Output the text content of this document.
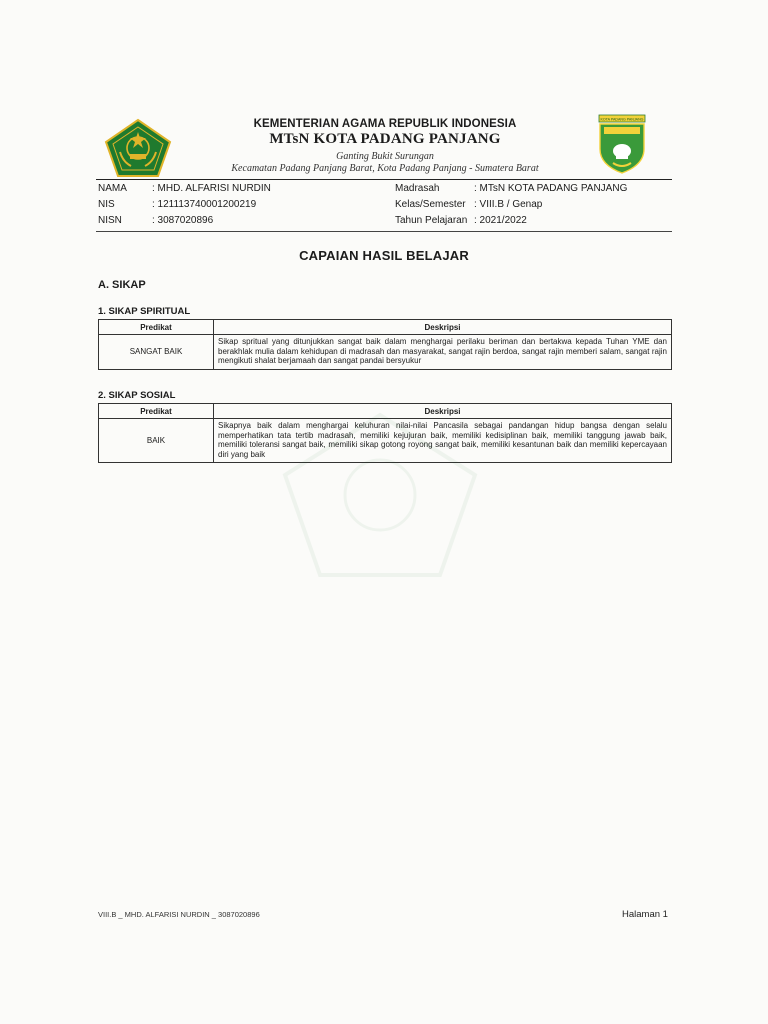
KEMENTERIAN AGAMA REPUBLIK INDONESIA
MTsN KOTA PADANG PANJANG
Ganting Bukit Surungan
Kecamatan Padang Panjang Barat, Kota Padang Panjang - Sumatera Barat
KOTA PADANG PANJANG
NAMA	: MHD. ALFARISI NURDIN
NIS	: 121113740001200219
NISN	: 3087020896
Madrasah	: MTsN KOTA PADANG PANJANG
Kelas/Semester : VIII.B / Genap
Tahun Pelajaran : 2021/2022
CAPAIAN HASIL BELAJAR
A. SIKAP
1. SIKAP SPIRITUAL
Predikat	Deskripsi
SANGAT BAIK	Sikap spritual yang ditunjukkan sangat baik dalam menghargai perilaku beriman dan bertakwa kepada Tuhan YME dan berakhlak mulia dalam kehidupan di madrasah dan masyarakat, sangat rajin berdoa, sangat rajin memberi salam, sangat rajin mengikuti shalat berjamaah dan sangat pandai bersyukur
2. SIKAP SOSIAL
Predikat	Deskripsi
BAIK	Sikapnya baik dalam menghargai keluhuran nilai-nilai Pancasila sebagai pandangan hidup bangsa dengan selalu memperhatikan tata tertib madrasah, memiliki kejujuran baik, memiliki kedisiplinan baik, memiliki tanggung jawab baik, memiliki toleransi sangat baik, memiliki sikap gotong royong sangat baik, memiliki kesantunan baik dan memiliki kepercayaan diri yang baik
VIII.B _ MHD. ALFARISI NURDIN _ 3087020896	Halaman 1
